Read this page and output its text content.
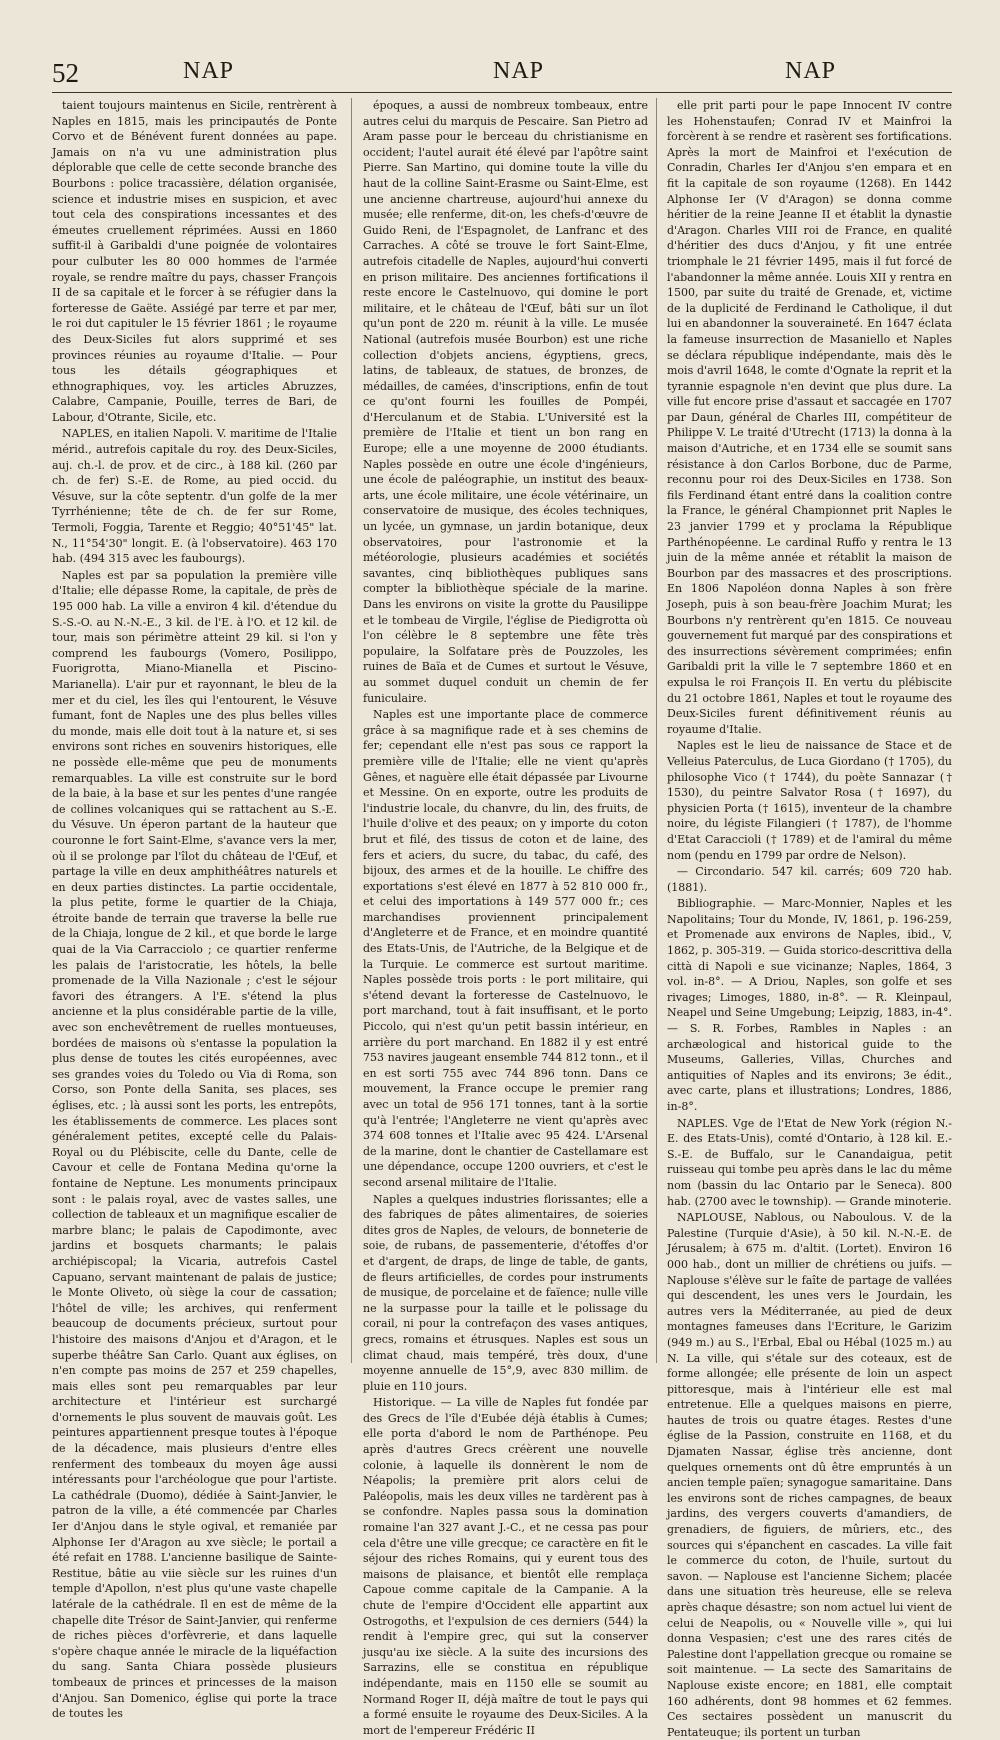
52	NAP	NAP	NAP

taient toujours maintenus en Sicile, rentrèrent à Naples en 1815, mais les principautés de Ponte Corvo et de Bénévent furent données au pape. Jamais on n'a vu une administration plus déplorable que celle de cette seconde branche des Bourbons : police tracassière, délation organisée, science et industrie mises en suspicion, et avec tout cela des conspirations incessantes et des émeutes cruellement réprimées. Aussi en 1860 suffit-il à Garibaldi d'une poignée de volontaires pour culbuter les 80 000 hommes de l'armée royale, se rendre maître du pays, chasser François II de sa capitale et le forcer à se réfugier dans la forteresse de Gaëte. Assiégé par terre et par mer, le roi dut capituler le 15 février 1861 ; le royaume des Deux-Siciles fut alors supprimé et ses provinces réunies au royaume d'Italie. — Pour tous les détails géographiques et ethnographiques, voy. les articles Abruzzes, Calabre, Campanie, Pouille, terres de Bari, de Labour, d'Otrante, Sicile, etc.

NAPLES, en italien Napoli. V. maritime de l'Italie mérid., autrefois capitale du roy. des Deux-Siciles, auj. ch.-l. de prov. et de circ., à 188 kil. (260 par ch. de fer) S.-E. de Rome, au pied occid. du Vésuve, sur la côte septentr. d'un golfe de la mer Tyrrhénienne; tête de ch. de fer sur Rome, Termoli, Foggia, Tarente et Reggio; 40°51'45" lat. N., 11°54'30" longit. E. (à l'observatoire). 463 170 hab. (494 315 avec les faubourgs).

Naples est par sa population la première ville d'Italie; elle dépasse Rome, la capitale, de près de 195 000 hab. La ville a environ 4 kil. d'étendue du S.-S.-O. au N.-N.-E., 3 kil. de l'E. à l'O. et 12 kil. de tour, mais son périmètre atteint 29 kil. si l'on y comprend les faubourgs (Vomero, Posilippo, Fuorigrotta, Miano-Mianella et Piscino-Marianella). L'air pur et rayonnant, le bleu de la mer et du ciel, les îles qui l'entourent, le Vésuve fumant, font de Naples une des plus belles villes du monde, mais elle doit tout à la nature et, si ses environs sont riches en souvenirs historiques, elle ne possède elle-même que peu de monuments remarquables. La ville est construite sur le bord de la baie, à la base et sur les pentes d'une rangée de collines volcaniques qui se rattachent au S.-E. du Vésuve. Un éperon partant de la hauteur que couronne le fort Saint-Elme, s'avance vers la mer, où il se prolonge par l'îlot du château de l'Œuf, et partage la ville en deux amphithéâtres naturels et en deux parties distinctes. La partie occidentale, la plus petite, forme le quartier de la Chiaja, étroite bande de terrain que traverse la belle rue de la Chiaja, longue de 2 kil., et que borde le large quai de la Via Carracciolo ; ce quartier renferme les palais de l'aristocratie, les hôtels, la belle promenade de la Villa Nazionale ; c'est le séjour favori des étrangers. A l'E. s'étend la plus ancienne et la plus considérable partie de la ville, avec son enchevêtrement de ruelles montueuses, bordées de maisons où s'entasse la population la plus dense de toutes les cités européennes, avec ses grandes voies du Toledo ou Via di Roma, son Corso, son Ponte della Sanita, ses places, ses églises, etc. ; là aussi sont les ports, les entrepôts, les établissements de commerce. Les places sont généralement petites, excepté celle du Palais-Royal ou du Plébiscite, celle du Dante, celle de Cavour et celle de Fontana Medina qu'orne la fontaine de Neptune. Les monuments principaux sont : le palais royal, avec de vastes salles, une collection de tableaux et un magnifique escalier de marbre blanc; le palais de Capodimonte, avec jardins et bosquets charmants; le palais archiépiscopal; la Vicaria, autrefois Castel Capuano, servant maintenant de palais de justice; le Monte Oliveto, où siège la cour de cassation; l'hôtel de ville; les archives, qui renferment beaucoup de documents précieux, surtout pour l'histoire des maisons d'Anjou et d'Aragon, et le superbe théâtre San Carlo. Quant aux églises, on n'en compte pas moins de 257 et 259 chapelles, mais elles sont peu remarquables par leur architecture et l'intérieur est surchargé d'ornements le plus souvent de mauvais goût. Les peintures appartiennent presque toutes à l'époque de la décadence, mais plusieurs d'entre elles renferment des tombeaux du moyen âge aussi intéressants pour l'archéologue que pour l'artiste. La cathédrale (Duomo), dédiée à Saint-Janvier, le patron de la ville, a été commencée par Charles Ier d'Anjou dans le style ogival, et remaniée par Alphonse Ier d'Aragon au xve siècle; le portail a été refait en 1788. L'ancienne basilique de Sainte-Restitue, bâtie au viie siècle sur les ruines d'un temple d'Apollon, n'est plus qu'une vaste chapelle latérale de la cathédrale. Il en est de même de la chapelle dite Trésor de Saint-Janvier, qui renferme de riches pièces d'orfèvrerie, et dans laquelle s'opère chaque année le miracle de la liquéfaction du sang. Santa Chiara possède plusieurs tombeaux de princes et princesses de la maison d'Anjou. San Domenico, église qui porte la trace de toutes les

époques, a aussi de nombreux tombeaux, entre autres celui du marquis de Pescaire. San Pietro ad Aram passe pour le berceau du christianisme en occident; l'autel aurait été élevé par l'apôtre saint Pierre. San Martino, qui domine toute la ville du haut de la colline Saint-Erasme ou Saint-Elme, est une ancienne chartreuse, aujourd'hui annexe du musée; elle renferme, dit-on, les chefs-d'œuvre de Guido Reni, de l'Espagnolet, de Lanfranc et des Carraches. A côté se trouve le fort Saint-Elme, autrefois citadelle de Naples, aujourd'hui converti en prison militaire. Des anciennes fortifications il reste encore le Castelnuovo, qui domine le port militaire, et le château de l'Œuf, bâti sur un îlot qu'un pont de 220 m. réunit à la ville. Le musée National (autrefois musée Bourbon) est une riche collection d'objets anciens, égyptiens, grecs, latins, de tableaux, de statues, de bronzes, de médailles, de camées, d'inscriptions, enfin de tout ce qu'ont fourni les fouilles de Pompéi, d'Herculanum et de Stabia. L'Université est la première de l'Italie et tient un bon rang en Europe; elle a une moyenne de 2000 étudiants. Naples possède en outre une école d'ingénieurs, une école de paléographie, un institut des beaux-arts, une école militaire, une école vétérinaire, un conservatoire de musique, des écoles techniques, un lycée, un gymnase, un jardin botanique, deux observatoires, pour l'astronomie et la météorologie, plusieurs académies et sociétés savantes, cinq bibliothèques publiques sans compter la bibliothèque spéciale de la marine. Dans les environs on visite la grotte du Pausilippe et le tombeau de Virgile, l'église de Piedigrotta où l'on célèbre le 8 septembre une fête très populaire, la Solfatare près de Pouzzoles, les ruines de Baïa et de Cumes et surtout le Vésuve, au sommet duquel conduit un chemin de fer funiculaire.

Naples est une importante place de commerce grâce à sa magnifique rade et à ses chemins de fer; cependant elle n'est pas sous ce rapport la première ville de l'Italie; elle ne vient qu'après Gênes, et naguère elle était dépassée par Livourne et Messine. On en exporte, outre les produits de l'industrie locale, du chanvre, du lin, des fruits, de l'huile d'olive et des peaux; on y importe du coton brut et filé, des tissus de coton et de laine, des fers et aciers, du sucre, du tabac, du café, des bijoux, des armes et de la houille. Le chiffre des exportations s'est élevé en 1877 à 52 810 000 fr., et celui des importations à 149 577 000 fr.; ces marchandises proviennent principalement d'Angleterre et de France, et en moindre quantité des Etats-Unis, de l'Autriche, de la Belgique et de la Turquie. Le commerce est surtout maritime. Naples possède trois ports : le port militaire, qui s'étend devant la forteresse de Castelnuovo, le port marchand, tout à fait insuffisant, et le porto Piccolo, qui n'est qu'un petit bassin intérieur, en arrière du port marchand. En 1882 il y est entré 753 navires jaugeant ensemble 744 812 tonn., et il en est sorti 755 avec 744 896 tonn. Dans ce mouvement, la France occupe le premier rang avec un total de 956 171 tonnes, tant à la sortie qu'à l'entrée; l'Angleterre ne vient qu'après avec 374 608 tonnes et l'Italie avec 95 424. L'Arsenal de la marine, dont le chantier de Castellamare est une dépendance, occupe 1200 ouvriers, et c'est le second arsenal militaire de l'Italie.

Naples a quelques industries florissantes; elle a des fabriques de pâtes alimentaires, de soieries dites gros de Naples, de velours, de bonneterie de soie, de rubans, de passementerie, d'étoffes d'or et d'argent, de draps, de linge de table, de gants, de fleurs artificielles, de cordes pour instruments de musique, de porcelaine et de faïence; nulle ville ne la surpasse pour la taille et le polissage du corail, ni pour la contrefaçon des vases antiques, grecs, romains et étrusques. Naples est sous un climat chaud, mais tempéré, très doux, d'une moyenne annuelle de 15°,9, avec 830 millim. de pluie en 110 jours.

Historique. — La ville de Naples fut fondée par des Grecs de l'île d'Eubée déjà établis à Cumes; elle porta d'abord le nom de Parthénope. Peu après d'autres Grecs créèrent une nouvelle colonie, à laquelle ils donnèrent le nom de Néapolis; la première prit alors celui de Paléopolis, mais les deux villes ne tardèrent pas à se confondre. Naples passa sous la domination romaine l'an 327 avant J.-C., et ne cessa pas pour cela d'être une ville grecque; ce caractère en fit le séjour des riches Romains, qui y eurent tous des maisons de plaisance, et bientôt elle remplaça Capoue comme capitale de la Campanie. A la chute de l'empire d'Occident elle appartint aux Ostrogoths, et l'expulsion de ces derniers (544) la rendit à l'empire grec, qui sut la conserver jusqu'au ixe siècle. A la suite des incursions des Sarrazins, elle se constitua en république indépendante, mais en 1150 elle se soumit au Normand Roger II, déjà maître de tout le pays qui a formé ensuite le royaume des Deux-Siciles. A la mort de l'empereur Frédéric II

elle prit parti pour le pape Innocent IV contre les Hohenstaufen; Conrad IV et Mainfroi la forcèrent à se rendre et rasèrent ses fortifications. Après la mort de Mainfroi et l'exécution de Conradin, Charles Ier d'Anjou s'en empara et en fit la capitale de son royaume (1268). En 1442 Alphonse Ier (V d'Aragon) se donna comme héritier de la reine Jeanne II et établit la dynastie d'Aragon. Charles VIII roi de France, en qualité d'héritier des ducs d'Anjou, y fit une entrée triomphale le 21 février 1495, mais il fut forcé de l'abandonner la même année. Louis XII y rentra en 1500, par suite du traité de Grenade, et, victime de la duplicité de Ferdinand le Catholique, il dut lui en abandonner la souveraineté. En 1647 éclata la fameuse insurrection de Masaniello et Naples se déclara république indépendante, mais dès le mois d'avril 1648, le comte d'Ognate la reprit et la tyrannie espagnole n'en devint que plus dure. La ville fut encore prise d'assaut et saccagée en 1707 par Daun, général de Charles III, compétiteur de Philippe V. Le traité d'Utrecht (1713) la donna à la maison d'Autriche, et en 1734 elle se soumit sans résistance à don Carlos Borbone, duc de Parme, reconnu pour roi des Deux-Siciles en 1738. Son fils Ferdinand étant entré dans la coalition contre la France, le général Championnet prit Naples le 23 janvier 1799 et y proclama la République Parthénopéenne. Le cardinal Ruffo y rentra le 13 juin de la même année et rétablit la maison de Bourbon par des massacres et des proscriptions. En 1806 Napoléon donna Naples à son frère Joseph, puis à son beau-frère Joachim Murat; les Bourbons n'y rentrèrent qu'en 1815. Ce nouveau gouvernement fut marqué par des conspirations et des insurrections sévèrement comprimées; enfin Garibaldi prit la ville le 7 septembre 1860 et en expulsa le roi François II. En vertu du plébiscite du 21 octobre 1861, Naples et tout le royaume des Deux-Siciles furent définitivement réunis au royaume d'Italie.

Naples est le lieu de naissance de Stace et de Velleius Paterculus, de Luca Giordano († 1705), du philosophe Vico († 1744), du poète Sannazar († 1530), du peintre Salvator Rosa († 1697), du physicien Porta († 1615), inventeur de la chambre noire, du légiste Filangieri († 1787), de l'homme d'Etat Caraccioli († 1789) et de l'amiral du même nom (pendu en 1799 par ordre de Nelson).

— Circondario. 547 kil. carrés; 609 720 hab. (1881).

Bibliographie. — Marc-Monnier, Naples et les Napolitains; Tour du Monde, IV, 1861, p. 196-259, et Promenade aux environs de Naples, ibid., V, 1862, p. 305-319. — Guida storico-descrittiva della città di Napoli e sue vicinanze; Naples, 1864, 3 vol. in-8°. — A Driou, Naples, son golfe et ses rivages; Limoges, 1880, in-8°. — R. Kleinpaul, Neapel und Seine Umgebung; Leipzig, 1883, in-4°. — S. R. Forbes, Rambles in Naples : an archæological and historical guide to the Museums, Galleries, Villas, Churches and antiquities of Naples and its environs; 3e édit., avec carte, plans et illustrations; Londres, 1886, in-8°.

NAPLES. Vge de l'Etat de New York (région N.-E. des Etats-Unis), comté d'Ontario, à 128 kil. E.-S.-E. de Buffalo, sur le Canandaigua, petit ruisseau qui tombe peu après dans le lac du même nom (bassin du lac Ontario par le Seneca). 800 hab. (2700 avec le township). — Grande minoterie.

NAPLOUSE, Nablous, ou Naboulous. V. de la Palestine (Turquie d'Asie), à 50 kil. N.-N.-E. de Jérusalem; à 675 m. d'altit. (Lortet). Environ 16 000 hab., dont un millier de chrétiens ou juifs. — Naplouse s'élève sur le faîte de partage de vallées qui descendent, les unes vers le Jourdain, les autres vers la Méditerranée, au pied de deux montagnes fameuses dans l'Ecriture, le Garizim (949 m.) au S., l'Erbal, Ebal ou Hébal (1025 m.) au N. La ville, qui s'étale sur des coteaux, est de forme allongée; elle présente de loin un aspect pittoresque, mais à l'intérieur elle est mal entretenue. Elle a quelques maisons en pierre, hautes de trois ou quatre étages. Restes d'une église de la Passion, construite en 1168, et du Djamaten Nassar, église très ancienne, dont quelques ornements ont dû être empruntés à un ancien temple païen; synagogue samaritaine. Dans les environs sont de riches campagnes, de beaux jardins, des vergers couverts d'amandiers, de grenadiers, de figuiers, de mûriers, etc., des sources qui s'épanchent en cascades. La ville fait le commerce du coton, de l'huile, surtout du savon. — Naplouse est l'ancienne Sichem; placée dans une situation très heureuse, elle se releva après chaque désastre; son nom actuel lui vient de celui de Neapolis, ou « Nouvelle ville », qui lui donna Vespasien; c'est une des rares cités de Palestine dont l'appellation grecque ou romaine se soit maintenue. — La secte des Samaritains de Naplouse existe encore; en 1881, elle comptait 160 adhérents, dont 98 hommes et 62 femmes. Ces sectaires possèdent un manuscrit du Pentateuque; ils portent un turban
